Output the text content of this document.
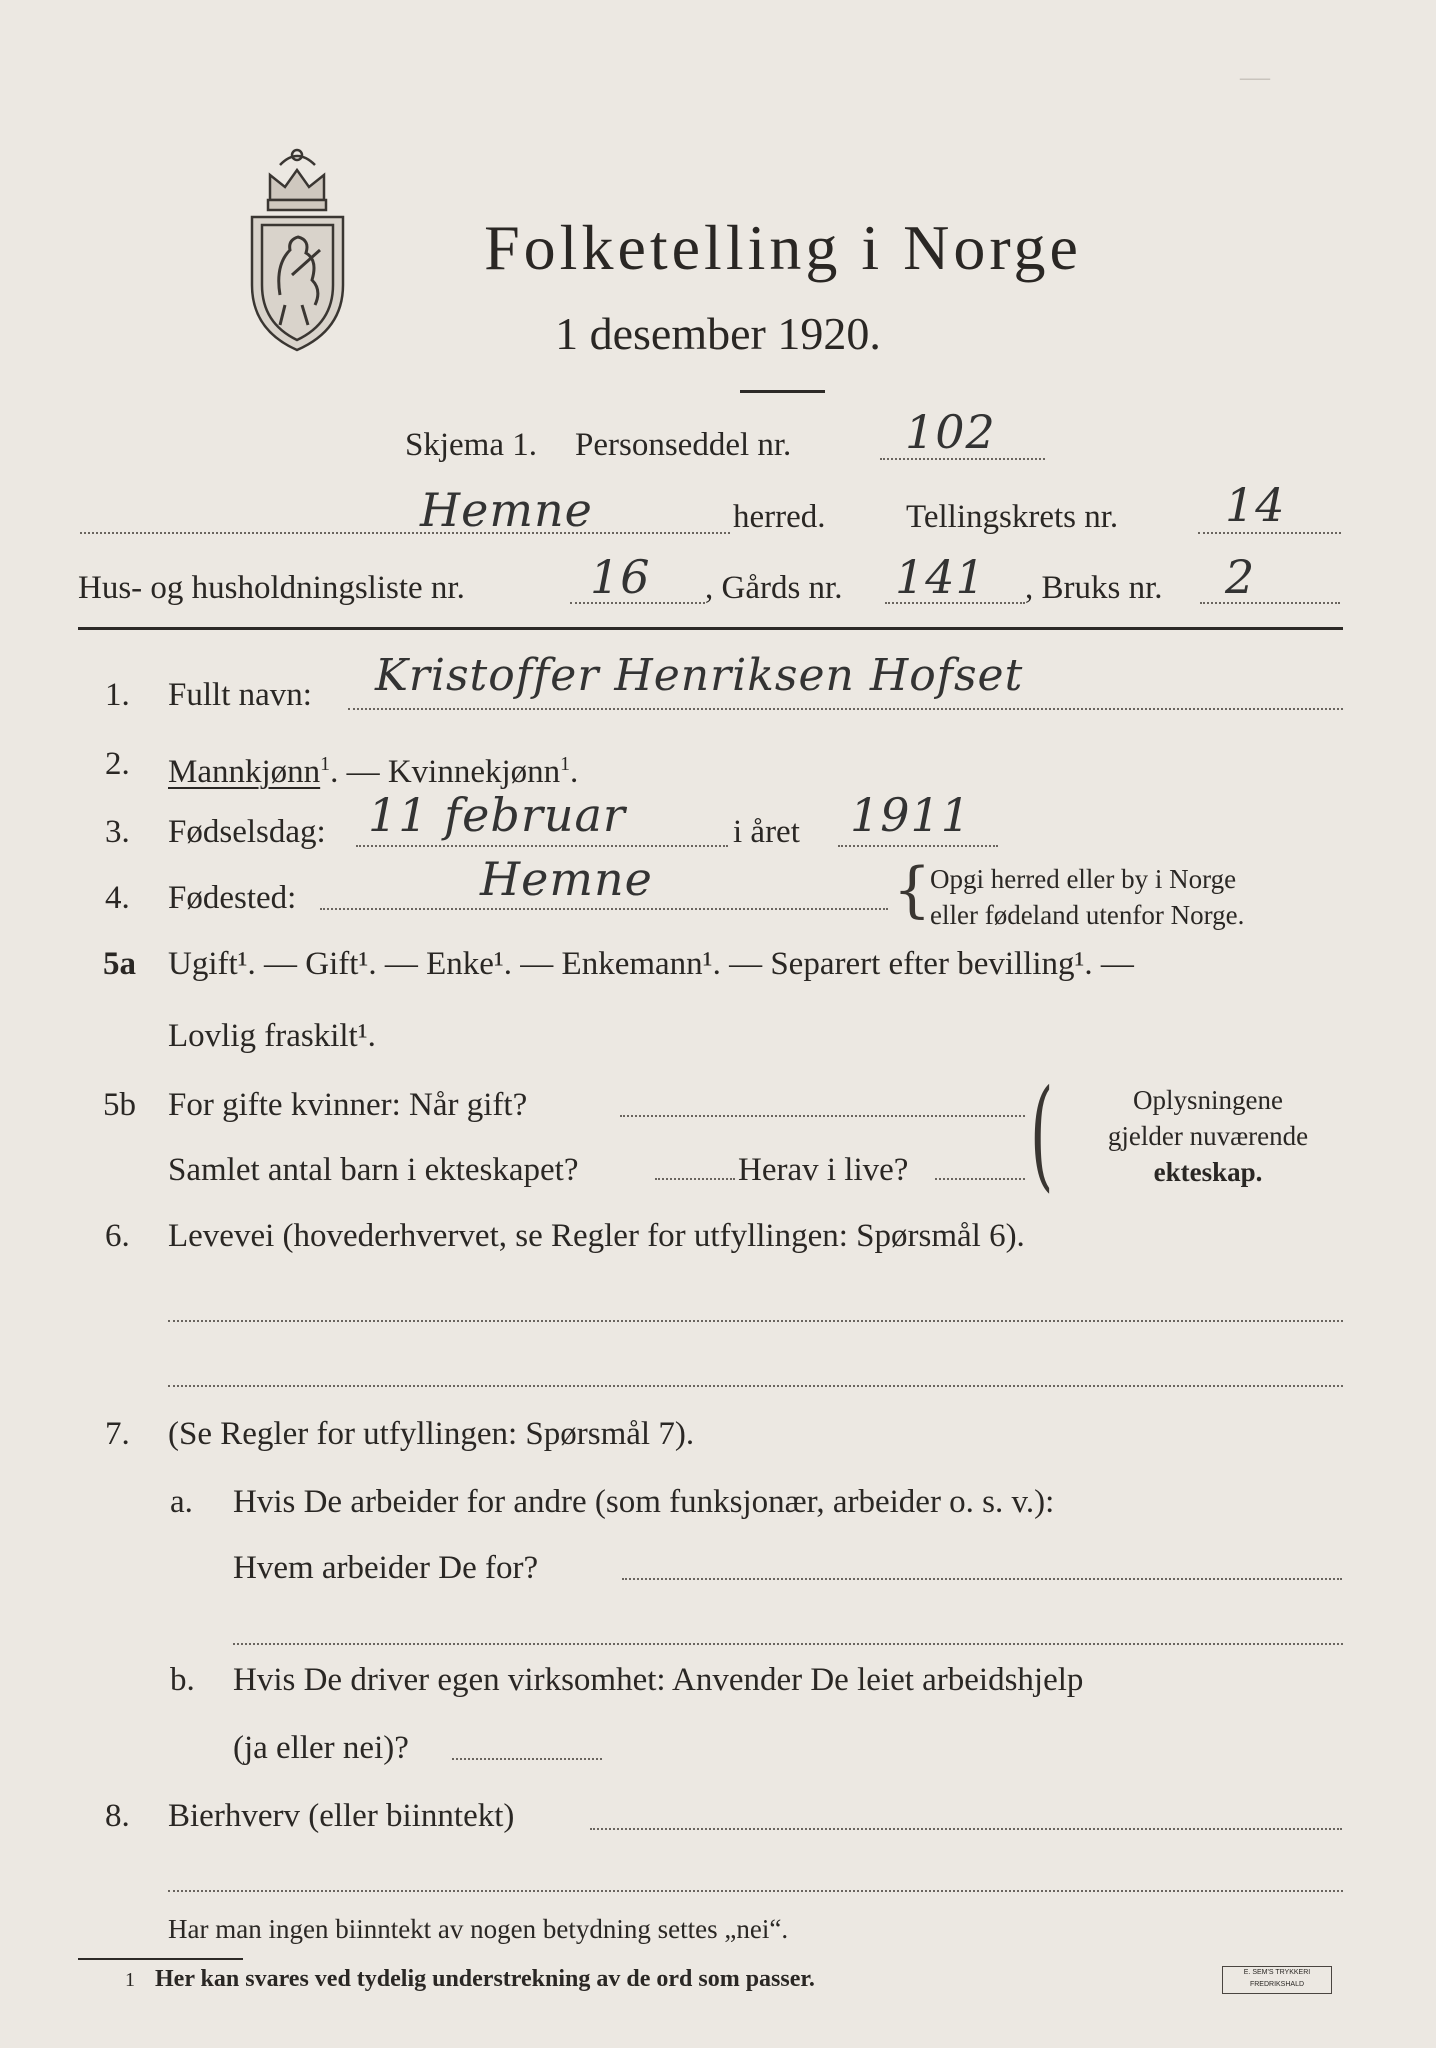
—
Folketelling i Norge
1 desember 1920.
Skjema 1. Personseddel nr. 102
Hemne	herred. Tellingskrets nr. 14
Hus- og husholdningsliste nr.	16 , Gårds nr. 141 , Bruks nr. 2
1. Fullt navn: Kristoffer Henriksen Hofset
2. Mannkjønn$^1$. — Kvinnekjønn$^1$.
3. Fødselsdag: 11 februar	i året 1911
4. Fødested:	Hemne	{
Opgi herred eller by i Norge
eller fødeland utenfor Norge.
5a Ugift¹. — Gift¹. — Enke¹. — Enkemann¹. — Separert efter bevilling¹. —
Lovlig fraskilt¹.
5b For gifte kvinner: Når gift?
Samlet antal barn i ekteskapet?	Herav i live? (	Oplysningene
gjelder nuværende
ekteskap.
6. Levevei (hovederhvervet, se Regler for utfyllingen: Spørsmål 6).
7. (Se Regler for utfyllingen: Spørsmål 7).
a. Hvis De arbeider for andre (som funksjonær, arbeider o. s. v.):
Hvem arbeider De for?
b. Hvis De driver egen virksomhet: Anvender De leiet arbeidshjelp
(ja eller nei)?
8. Bierhverv (eller biinntekt)
Har man ingen biinntekt av nogen betydning settes „nei“.
1 Her kan svares ved tydelig understrekning av de ord som passer.	E. SEM'S TRYKKERI FREDRIKSHALD
